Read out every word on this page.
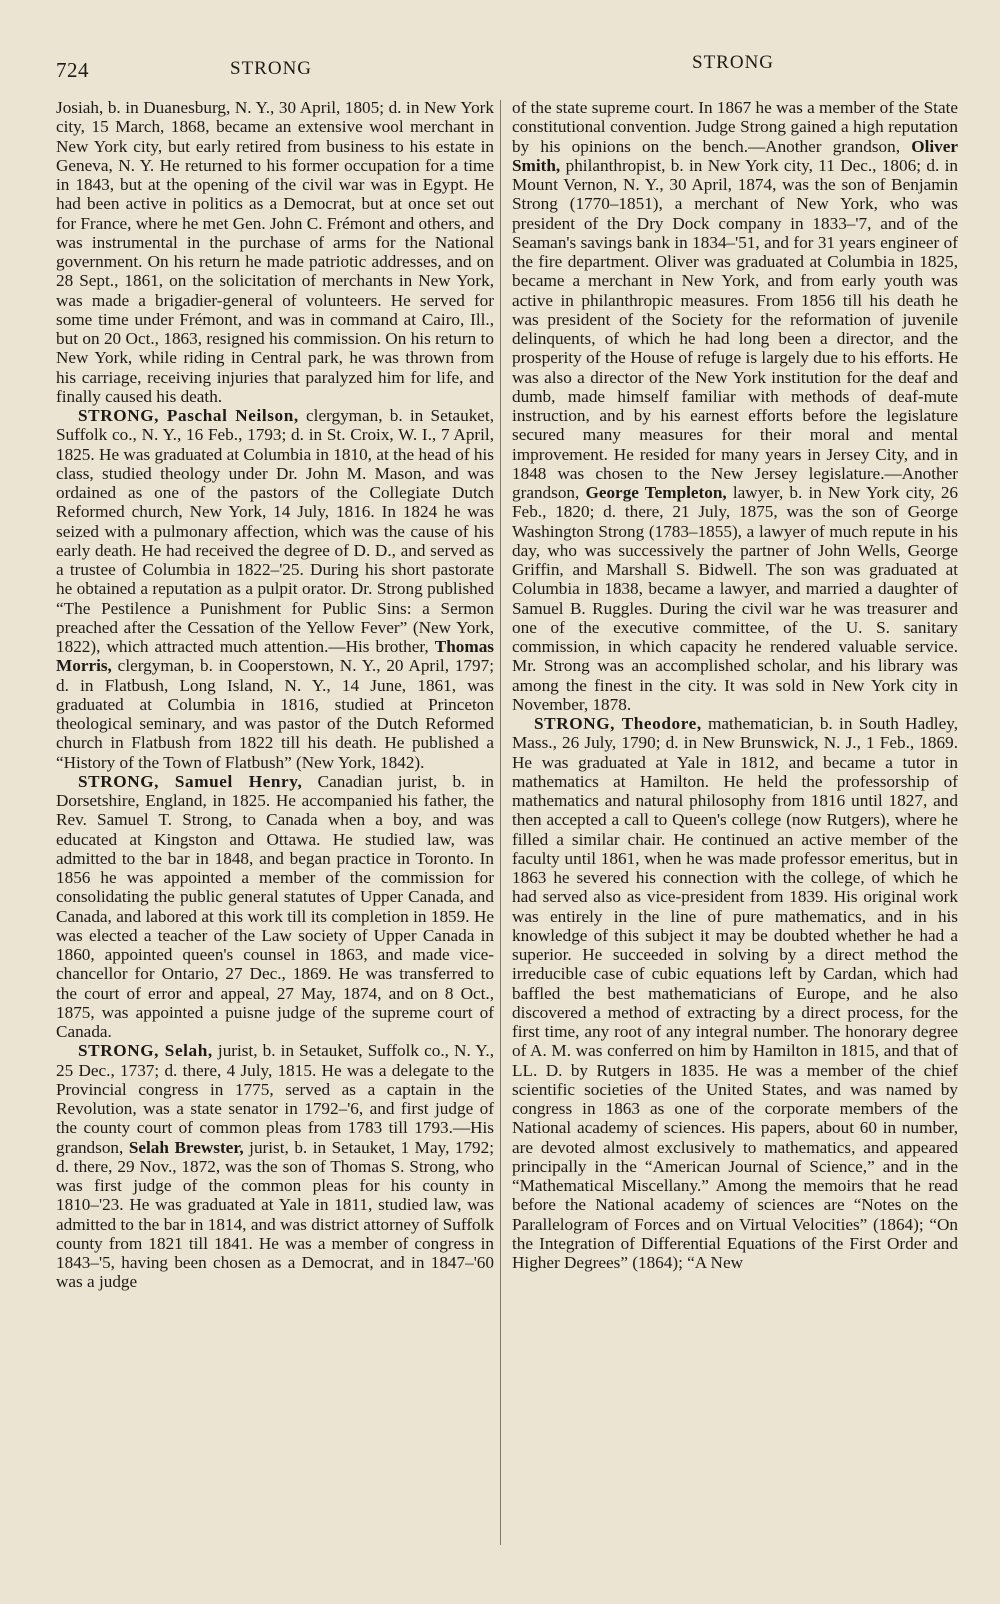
724	STRONG	STRONG

Josiah, b. in Duanesburg, N. Y., 30 April, 1805; d. in New York city, 15 March, 1868, became an extensive wool merchant in New York city, but early retired from business to his estate in Geneva, N. Y. He returned to his former occupation for a time in 1843, but at the opening of the civil war was in Egypt. He had been active in politics as a Democrat, but at once set out for France, where he met Gen. John C. Frémont and others, and was instrumental in the purchase of arms for the National government. On his return he made patriotic addresses, and on 28 Sept., 1861, on the solicitation of merchants in New York, was made a brigadier-general of volunteers. He served for some time under Frémont, and was in command at Cairo, Ill., but on 20 Oct., 1863, resigned his commission. On his return to New York, while riding in Central park, he was thrown from his carriage, receiving injuries that paralyzed him for life, and finally caused his death.

STRONG, Paschal Neilson, clergyman, b. in Setauket, Suffolk co., N. Y., 16 Feb., 1793; d. in St. Croix, W. I., 7 April, 1825. He was graduated at Columbia in 1810, at the head of his class, studied theology under Dr. John M. Mason, and was ordained as one of the pastors of the Collegiate Dutch Reformed church, New York, 14 July, 1816. In 1824 he was seized with a pulmonary affection, which was the cause of his early death. He had received the degree of D. D., and served as a trustee of Columbia in 1822–'25. During his short pastorate he obtained a reputation as a pulpit orator. Dr. Strong published “The Pestilence a Punishment for Public Sins: a Sermon preached after the Cessation of the Yellow Fever” (New York, 1822), which attracted much attention.—His brother, Thomas Morris, clergyman, b. in Cooperstown, N. Y., 20 April, 1797; d. in Flatbush, Long Island, N. Y., 14 June, 1861, was graduated at Columbia in 1816, studied at Princeton theological seminary, and was pastor of the Dutch Reformed church in Flatbush from 1822 till his death. He published a “History of the Town of Flatbush” (New York, 1842).

STRONG, Samuel Henry, Canadian jurist, b. in Dorsetshire, England, in 1825. He accompanied his father, the Rev. Samuel T. Strong, to Canada when a boy, and was educated at Kingston and Ottawa. He studied law, was admitted to the bar in 1848, and began practice in Toronto. In 1856 he was appointed a member of the commission for consolidating the public general statutes of Upper Canada, and Canada, and labored at this work till its completion in 1859. He was elected a teacher of the Law society of Upper Canada in 1860, appointed queen's counsel in 1863, and made vice-chancellor for Ontario, 27 Dec., 1869. He was transferred to the court of error and appeal, 27 May, 1874, and on 8 Oct., 1875, was appointed a puisne judge of the supreme court of Canada.

STRONG, Selah, jurist, b. in Setauket, Suffolk co., N. Y., 25 Dec., 1737; d. there, 4 July, 1815. He was a delegate to the Provincial congress in 1775, served as a captain in the Revolution, was a state senator in 1792–'6, and first judge of the county court of common pleas from 1783 till 1793.—His grandson, Selah Brewster, jurist, b. in Setauket, 1 May, 1792; d. there, 29 Nov., 1872, was the son of Thomas S. Strong, who was first judge of the common pleas for his county in 1810–'23. He was graduated at Yale in 1811, studied law, was admitted to the bar in 1814, and was district attorney of Suffolk county from 1821 till 1841. He was a member of congress in 1843–'5, having been chosen as a Democrat, and in 1847–'60 was a judge

of the state supreme court. In 1867 he was a member of the State constitutional convention. Judge Strong gained a high reputation by his opinions on the bench.—Another grandson, Oliver Smith, philanthropist, b. in New York city, 11 Dec., 1806; d. in Mount Vernon, N. Y., 30 April, 1874, was the son of Benjamin Strong (1770–1851), a merchant of New York, who was president of the Dry Dock company in 1833–'7, and of the Seaman's savings bank in 1834–'51, and for 31 years engineer of the fire department. Oliver was graduated at Columbia in 1825, became a merchant in New York, and from early youth was active in philanthropic measures. From 1856 till his death he was president of the Society for the reformation of juvenile delinquents, of which he had long been a director, and the prosperity of the House of refuge is largely due to his efforts. He was also a director of the New York institution for the deaf and dumb, made himself familiar with methods of deaf-mute instruction, and by his earnest efforts before the legislature secured many measures for their moral and mental improvement. He resided for many years in Jersey City, and in 1848 was chosen to the New Jersey legislature.—Another grandson, George Templeton, lawyer, b. in New York city, 26 Feb., 1820; d. there, 21 July, 1875, was the son of George Washington Strong (1783–1855), a lawyer of much repute in his day, who was successively the partner of John Wells, George Griffin, and Marshall S. Bidwell. The son was graduated at Columbia in 1838, became a lawyer, and married a daughter of Samuel B. Ruggles. During the civil war he was treasurer and one of the executive committee, of the U. S. sanitary commission, in which capacity he rendered valuable service. Mr. Strong was an accomplished scholar, and his library was among the finest in the city. It was sold in New York city in November, 1878.

STRONG, Theodore, mathematician, b. in South Hadley, Mass., 26 July, 1790; d. in New Brunswick, N. J., 1 Feb., 1869. He was graduated at Yale in 1812, and became a tutor in mathematics at Hamilton. He held the professorship of mathematics and natural philosophy from 1816 until 1827, and then accepted a call to Queen's college (now Rutgers), where he filled a similar chair. He continued an active member of the faculty until 1861, when he was made professor emeritus, but in 1863 he severed his connection with the college, of which he had served also as vice-president from 1839. His original work was entirely in the line of pure mathematics, and in his knowledge of this subject it may be doubted whether he had a superior. He succeeded in solving by a direct method the irreducible case of cubic equations left by Cardan, which had baffled the best mathematicians of Europe, and he also discovered a method of extracting by a direct process, for the first time, any root of any integral number. The honorary degree of A. M. was conferred on him by Hamilton in 1815, and that of LL. D. by Rutgers in 1835. He was a member of the chief scientific societies of the United States, and was named by congress in 1863 as one of the corporate members of the National academy of sciences. His papers, about 60 in number, are devoted almost exclusively to mathematics, and appeared principally in the “American Journal of Science,” and in the “Mathematical Miscellany.” Among the memoirs that he read before the National academy of sciences are “Notes on the Parallelogram of Forces and on Virtual Velocities” (1864); “On the Integration of Differential Equations of the First Order and Higher Degrees” (1864); “A New
